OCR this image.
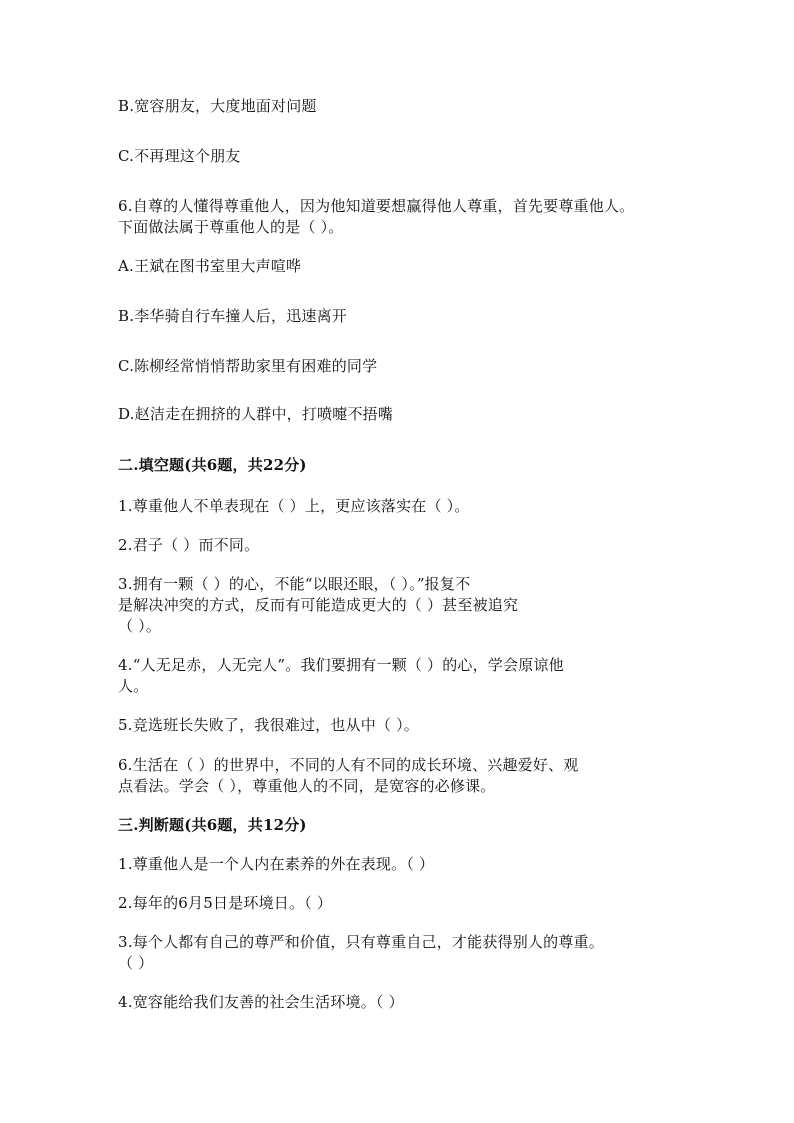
B.宽容朋友，大度地面对问题
C.不再理这个朋友
6.自尊的人懂得尊重他人，因为他知道要想赢得他人尊重，首先要尊重他人。
下面做法属于尊重他人的是（ ）。
A.王斌在图书室里大声喧哗
B.李华骑自行车撞人后，迅速离开
C.陈柳经常悄悄帮助家里有困难的同学
D.赵洁走在拥挤的人群中，打喷嚏不捂嘴
二.填空题(共6题，共22分)
1.尊重他人不单表现在（ ）上，更应该落实在（ ）。
2.君子（ ）而不同。
3.拥有一颗（ ）的心，不能“以眼还眼，（ ）。”报复不
是解决冲突的方式，反而有可能造成更大的（ ）甚至被追究
（ ）。
4.“人无足赤，人无完人”。我们要拥有一颗（ ）的心，学会原谅他
人。
5.竞选班长失败了，我很难过，也从中（ ）。
6.生活在（ ）的世界中，不同的人有不同的成长环境、兴趣爱好、观
点看法。学会（ ），尊重他人的不同，是宽容的必修课。
三.判断题(共6题，共12分)
1.尊重他人是一个人内在素养的外在表现。（ ）
2.每年的6月5日是环境日。（ ）
3.每个人都有自己的尊严和价值，只有尊重自己，才能获得别人的尊重。
（ ）
4.宽容能给我们友善的社会生活环境。（ ）
